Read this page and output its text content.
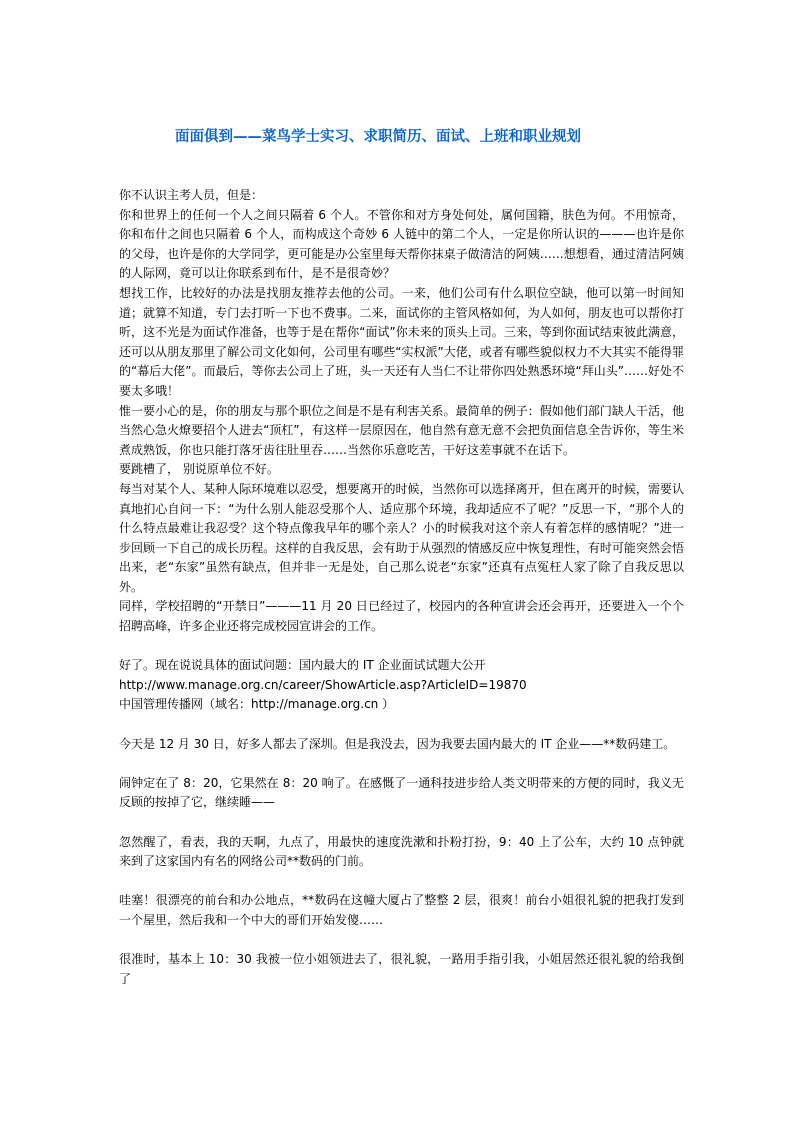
面面俱到——菜鸟学士实习、求职简历、面试、上班和职业规划

你不认识主考人员，但是：

你和世界上的任何一个人之间只隔着 6 个人。不管你和对方身处何处，属何国籍，肤色为何。不用惊奇，你和布什之间也只隔着 6 个人，而构成这个奇妙 6 人链中的第二个人，一定是你所认识的———也许是你的父母，也许是你的大学同学，更可能是办公室里每天帮你抹桌子做清洁的阿姨……想想看，通过清洁阿姨的人际网，竟可以让你联系到布什，是不是很奇妙？

想找工作，比较好的办法是找朋友推荐去他的公司。一来，他们公司有什么职位空缺，他可以第一时间知道；就算不知道，专门去打听一下也不费事。二来，面试你的主管风格如何，为人如何，朋友也可以帮你打听，这不光是为面试作准备，也等于是在帮你“面试”你未来的顶头上司。三来，等到你面试结束彼此满意，还可以从朋友那里了解公司文化如何，公司里有哪些“实权派”大佬，或者有哪些貌似权力不大其实不能得罪的“幕后大佬”。而最后，等你去公司上了班，头一天还有人当仁不让带你四处熟悉环境“拜山头”……好处不要太多哦！

惟一要小心的是，你的朋友与那个职位之间是不是有利害关系。最简单的例子：假如他们部门缺人干活，他当然心急火燎要招个人进去“顶杠”，有这样一层原因在，他自然有意无意不会把负面信息全告诉你，等生米煮成熟饭，你也只能打落牙齿往肚里吞……当然你乐意吃苦，干好这差事就不在话下。

要跳槽了， 别说原单位不好。

每当对某个人、某种人际环境难以忍受，想要离开的时候，当然你可以选择离开，但在离开的时候，需要认真地扪心自问一下：“为什么别人能忍受那个人、适应那个环境，我却适应不了呢？”反思一下，“那个人的什么特点最难让我忍受？这个特点像我早年的哪个亲人？小的时候我对这个亲人有着怎样的感情呢？”进一步回顾一下自己的成长历程。这样的自我反思，会有助于从强烈的情感反应中恢复理性，有时可能突然会悟出来，老“东家”虽然有缺点，但并非一无是处，自己那么说老“东家”还真有点冤枉人家了除了自我反思以外。

同样，学校招聘的“开禁日”———11 月 20 日已经过了，校园内的各种宣讲会还会再开，还要进入一个个招聘高峰，许多企业还将完成校园宣讲会的工作。

好了。现在说说具体的面试问题：国内最大的 IT 企业面试试题大公开

http://www.manage.org.cn/career/ShowArticle.asp?ArticleID=19870

中国管理传播网（域名：http://manage.org.cn ）

今天是 12 月 30 日，好多人都去了深圳。但是我没去，因为我要去国内最大的 IT 企业——**数码建工。

闹钟定在了 8：20，它果然在 8：20 响了。在感慨了一通科技进步给人类文明带来的方便的同时，我义无反顾的按掉了它，继续睡——

忽然醒了，看表，我的天啊，九点了，用最快的速度洗漱和扑粉打扮，9：40 上了公车，大约 10 点钟就来到了这家国内有名的网络公司**数码的门前。

哇塞！很漂亮的前台和办公地点，**数码在这幢大厦占了整整 2 层，很爽！前台小姐很礼貌的把我打发到一个屋里，然后我和一个中大的哥们开始发傻……

很准时，基本上 10：30 我被一位小姐领进去了，很礼貌，一路用手指引我，小姐居然还很礼貌的给我倒了
